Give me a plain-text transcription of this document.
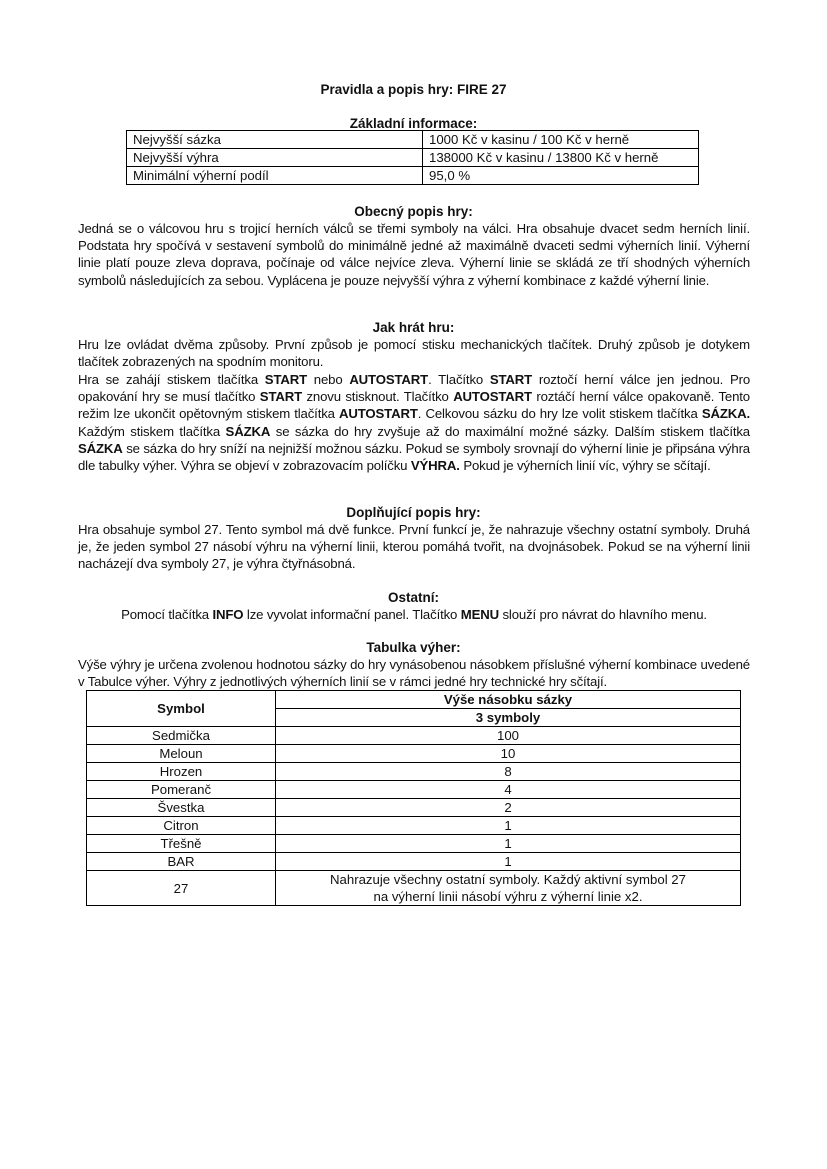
Pravidla a popis hry: FIRE 27
Základní informace:
Nejvyšší sázka	1000 Kč v kasinu / 100 Kč v herně
Nejvyšší výhra	138000 Kč v kasinu / 13800 Kč v herně
Minimální výherní podíl	95,0 %
Obecný popis hry:
Jedná se o válcovou hru s trojicí herních válců se třemi symboly na válci. Hra obsahuje dvacet sedm herních linií. Podstata hry spočívá v sestavení symbolů do minimálně jedné až maximálně dvaceti sedmi výherních linií. Výherní linie platí pouze zleva doprava, počínaje od válce nejvíce zleva. Výherní linie se skládá ze tří shodných výherních symbolů následujících za sebou. Vyplácena je pouze nejvyšší výhra z výherní kombinace z každé výherní linie.
Jak hrát hru:
Hru lze ovládat dvěma způsoby. První způsob je pomocí stisku mechanických tlačítek. Druhý způsob je dotykem tlačítek zobrazených na spodním monitoru.
Hra se zahájí stiskem tlačítka START nebo AUTOSTART. Tlačítko START roztočí herní válce jen jednou. Pro opakování hry se musí tlačítko START znovu stisknout. Tlačítko AUTOSTART roztáčí herní válce opakovaně. Tento režim lze ukončit opětovným stiskem tlačítka AUTOSTART. Celkovou sázku do hry lze volit stiskem tlačítka SÁZKA. Každým stiskem tlačítka SÁZKA se sázka do hry zvyšuje až do maximální možné sázky. Dalším stiskem tlačítka SÁZKA se sázka do hry sníží na nejnižší možnou sázku. Pokud se symboly srovnají do výherní linie je připsána výhra dle tabulky výher. Výhra se objeví v zobrazovacím políčku VÝHRA. Pokud je výherních linií víc, výhry se sčítají.
Doplňující popis hry:
Hra obsahuje symbol 27. Tento symbol má dvě funkce. První funkcí je, že nahrazuje všechny ostatní symboly. Druhá je, že jeden symbol 27 násobí výhru na výherní linii, kterou pomáhá tvořit, na dvojnásobek. Pokud se na výherní linii nacházejí dva symboly 27, je výhra čtyřnásobná.
Ostatní:
Pomocí tlačítka INFO lze vyvolat informační panel. Tlačítko MENU slouží pro návrat do hlavního menu.
Tabulka výher:
Výše výhry je určena zvolenou hodnotou sázky do hry vynásobenou násobkem příslušné výherní kombinace uvedené v Tabulce výher. Výhry z jednotlivých výherních linií se v rámci jedné hry technické hry sčítají.
Symbol	Výše násobku sázky
	3 symboly
Sedmička	100
Meloun	10
Hrozen	8
Pomeranč	4
Švestka	2
Citron	1
Třešně	1
BAR	1
27	Nahrazuje všechny ostatní symboly. Každý aktivní symbol 27
na výherní linii násobí výhru z výherní linie x2.
